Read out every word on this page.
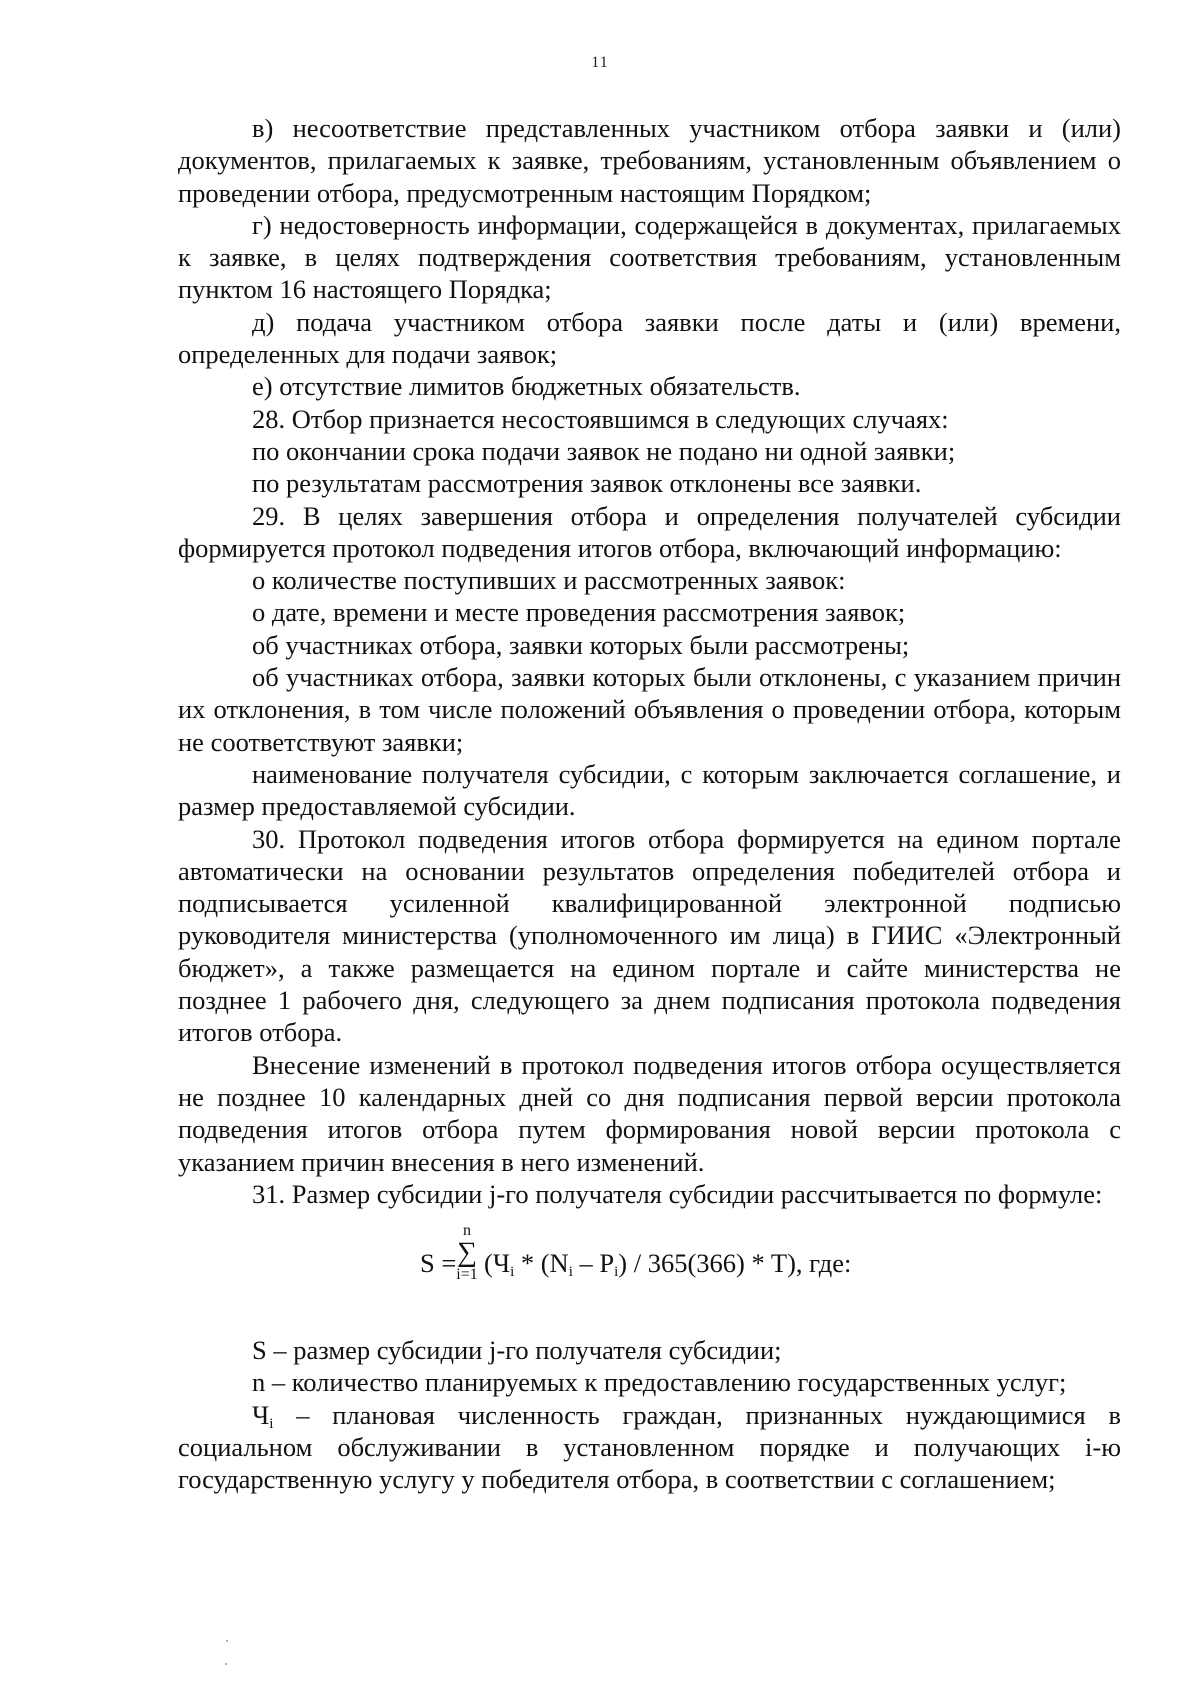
11

в) несоответствие представленных участником отбора заявки и (или) документов, прилагаемых к заявке, требованиям, установленным объявлением о проведении отбора, предусмотренным настоящим Порядком;

г) недостоверность информации, содержащейся в документах, прилагаемых к заявке, в целях подтверждения соответствия требованиям, установленным пунктом 16 настоящего Порядка;

д) подача участником отбора заявки после даты и (или) времени, определенных для подачи заявок;

е) отсутствие лимитов бюджетных обязательств.

28. Отбор признается несостоявшимся в следующих случаях:

по окончании срока подачи заявок не подано ни одной заявки;

по результатам рассмотрения заявок отклонены все заявки.

29. В целях завершения отбора и определения получателей субсидии формируется протокол подведения итогов отбора, включающий информацию:

о количестве поступивших и рассмотренных заявок:

о дате, времени и месте проведения рассмотрения заявок;

об участниках отбора, заявки которых были рассмотрены;

об участниках отбора, заявки которых были отклонены, с указанием причин их отклонения, в том числе положений объявления о проведении отбора, которым не соответствуют заявки;

наименование получателя субсидии, с которым заключается соглашение, и размер предоставляемой субсидии.

30. Протокол подведения итогов отбора формируется на едином портале автоматически на основании результатов определения победителей отбора и подписывается усиленной квалифицированной электронной подписью руководителя министерства (уполномоченного им лица) в ГИИС «Электронный бюджет», а также размещается на едином портале и сайте министерства не позднее 1 рабочего дня, следующего за днем подписания протокола подведения итогов отбора.

Внесение изменений в протокол подведения итогов отбора осуществляется не позднее 10 календарных дней со дня подписания первой версии протокола подведения итогов отбора путем формирования новой версии протокола с указанием причин внесения в него изменений.

31. Размер субсидии j-го получателя субсидии рассчитывается по формуле:

S =
n
∑
i=1 $(Ч_i * (N_i - P_i) / 365(366) * T)$, где:

S – размер субсидии j-го получателя субсидии;

n – количество планируемых к предоставлению государственных услуг;

$Ч_i$ – плановая численность граждан, признанных нуждающимися в социальном обслуживании в установленном порядке и получающих i-ю государственную услугу у победителя отбора, в соответствии с соглашением;
